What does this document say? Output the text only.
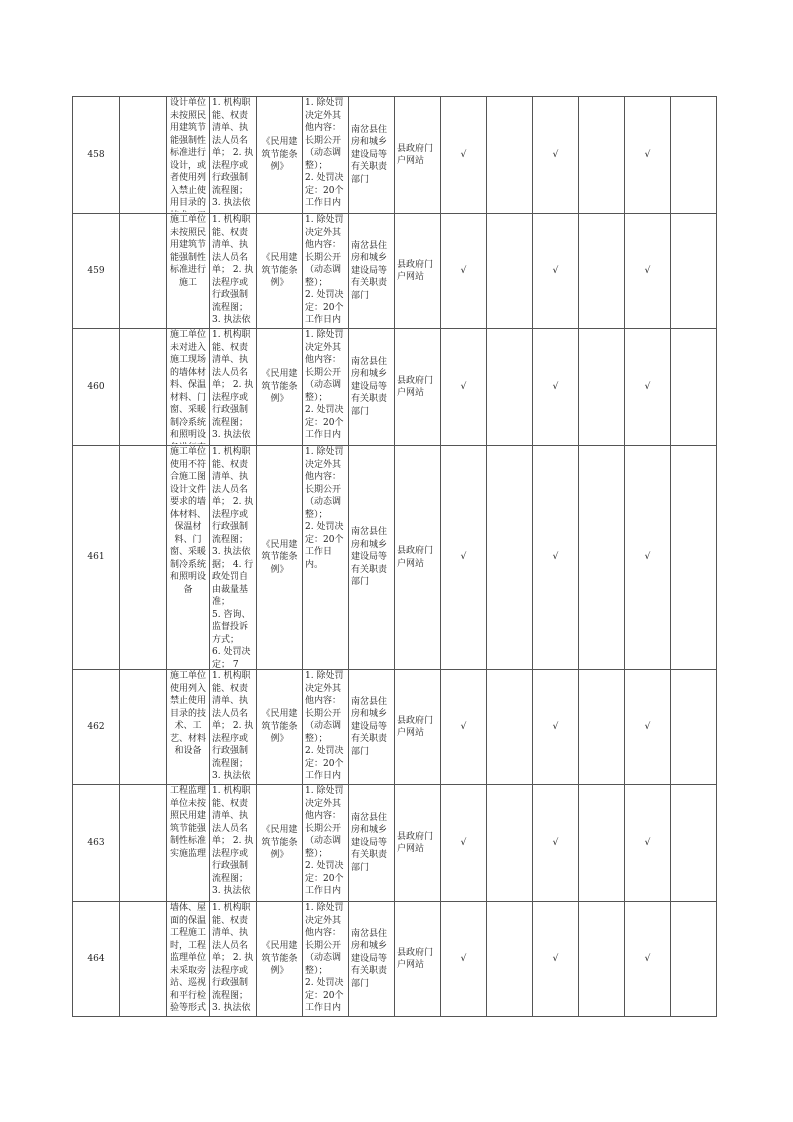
458		设计单位未按照民用建筑节能强制性标准进行设计，或者使用列入禁止使用目录的	1. 机构职能、权责清单、执法人员名单； 2. 执法程序或行政强制流程图； 3. 执法依	《民用建筑节能条例》	1. 除处罚决定外其他内容：长期公开（动态调整）；
2. 处罚决定：20个工作日内	南岔县住房和城乡建设局等有关职责部门	县政府门户网站	√		√		√	

459		施工单位未按照民用建筑节能强制性标准进行施工	1. 机构职能、权责清单、执法人员名单； 2. 执法程序或行政强制流程图； 3. 执法依	《民用建筑节能条例》	1. 除处罚决定外其他内容：长期公开（动态调整）；
2. 处罚决定：20个工作日内	南岔县住房和城乡建设局等有关职责部门	县政府门户网站	√		√		√	

460		施工单位未对进入施工现场的墙体材料、保温材料、门窗、采暖制冷系统和照明设	1. 机构职能、权责清单、执法人员名单； 2. 执法程序或行政强制流程图； 3. 执法依	《民用建筑节能条例》	1. 除处罚决定外其他内容：长期公开（动态调整）；
2. 处罚决定：20个工作日内	南岔县住房和城乡建设局等有关职责部门	县政府门户网站	√		√		√	

461		施工单位使用不符合施工图设计文件要求的墙体材料、保温材料、门窗、采暖制冷系统和照明设备	1. 机构职能、权责清单、执法人员名单； 2. 执法程序或行政强制流程图； 3. 执法依据； 4. 行政处罚自由裁量基准；
5. 咨询、监督投诉方式；
6. 处罚决定； 7	《民用建筑节能条例》	1. 除处罚决定外其他内容：长期公开（动态调整）；
2. 处罚决定：20个工作日内。	南岔县住房和城乡建设局等有关职责部门	县政府门户网站	√		√		√	

462		施工单位使用列入禁止使用目录的技术、工艺、材料和设备	1. 机构职能、权责清单、执法人员名单； 2. 执法程序或行政强制流程图； 3. 执法依	《民用建筑节能条例》	1. 除处罚决定外其他内容：长期公开（动态调整）；
2. 处罚决定：20个工作日内	南岔县住房和城乡建设局等有关职责部门	县政府门户网站	√		√		√	

463		工程监理单位未按照民用建筑节能强制性标准实施监理	1. 机构职能、权责清单、执法人员名单； 2. 执法程序或行政强制流程图； 3. 执法依	《民用建筑节能条例》	1. 除处罚决定外其他内容：长期公开（动态调整）；
2. 处罚决定：20个工作日内	南岔县住房和城乡建设局等有关职责部门	县政府门户网站	√		√		√	

464		墙体、屋面的保温工程施工时，工程监理单位未采取旁站、巡视和平行检验等形式	1. 机构职能、权责清单、执法人员名单； 2. 执法程序或行政强制流程图； 3. 执法依	《民用建筑节能条例》	1. 除处罚决定外其他内容：长期公开（动态调整）；
2. 处罚决定：20个工作日内	南岔县住房和城乡建设局等有关职责部门	县政府门户网站	√		√		√	
